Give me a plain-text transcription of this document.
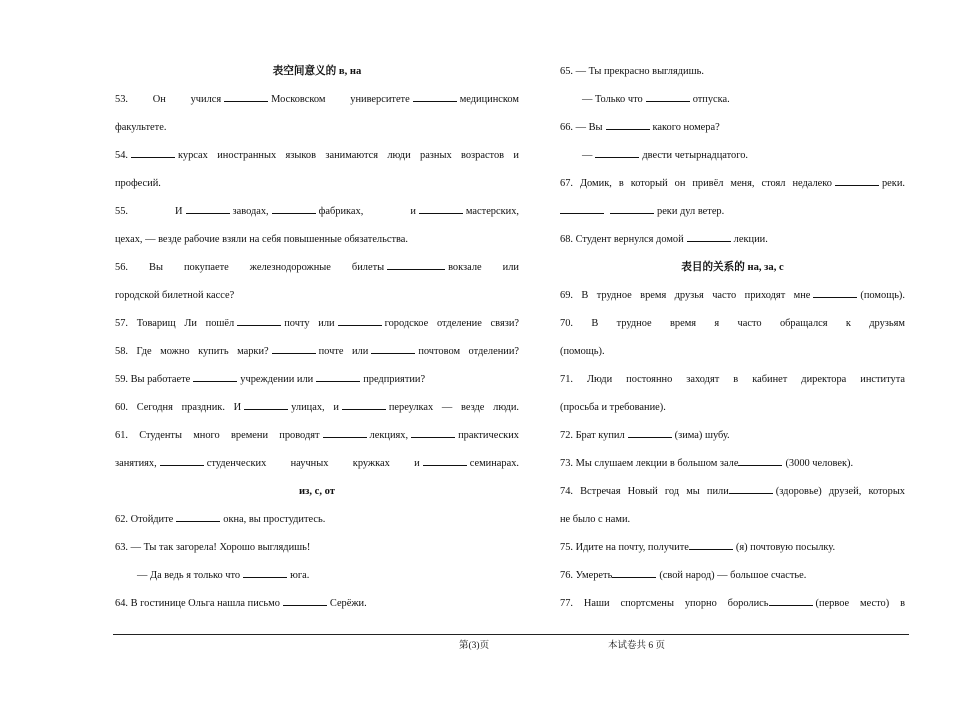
表空间意义的 в, на
53. Он учился	Московском университете	медицинском
факультете.
54.	курсах иностранных языков занимаются люди разных возрастов и
професий.
55. И	заводах,	фабриках, и	мастерских,
цехах, — везде рабочие взяли на себя повышенные обязательства.
56. Вы покупаете железнодорожные билеты	вокзале или
городской билетной кассе?
57. Товарищ Ли пошёл	почту или	городское отделение связи?
58. Где можно купить марки?	почте или	почтовом отделении?
59. Вы работаете	учреждении или	предприятии?
60. Сегодня праздник. И	улицах, и	переулках — везде люди.
61. Студенты много времени проводят	лекциях,	практических
занятиях,	студенческих научных кружках и	семинарах.
из, с, от
62. Отойдите	окна, вы простудитесь.
63. — Ты так загорела! Хорошо выглядишь!
— Да ведь я только что	юга.
64. В гостинице Ольга нашла письмо	Серёжи.
65. — Ты прекрасно выглядишь.
— Только что	отпуска.
66. — Вы	какого номера?
—	двести четырнадцатого.
67. Домик, в который он привёл меня, стоял недалеко	реки.
реки дул ветер.
68. Студент вернулся домой	лекции.
表目的关系的 на, за, с
69. В трудное время друзья часто приходят мне	(помощь).
70. В трудное время я часто обращался к друзьям
(помощь).
71. Люди постоянно заходят в кабинет директора института
(просьба и требование).
72. Брат купил	(зима) шубу.
73. Мы слушаем лекции в большом зале	(3000 человек).
74. Встречая Новый год мы пили	(здоровье) друзей, которых
не было с нами.
75. Идите на почту, получите	(я) почтовую посылку.
76. Умереть	(свой народ) — большое счастье.
77. Наши спортсмены упорно боролись	(первое место) в
第(3)页	本试卷共 6 页
